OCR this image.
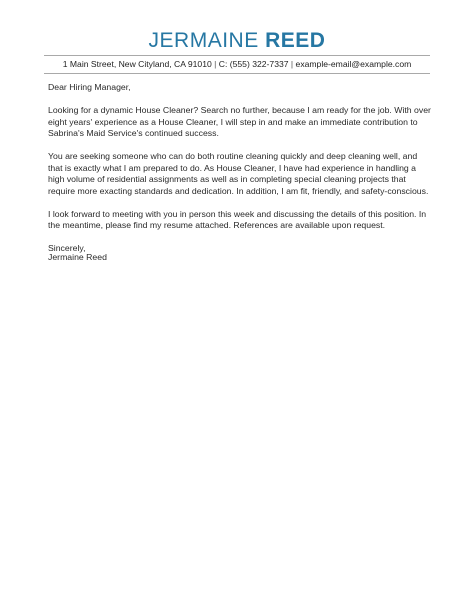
JERMAINE REED
1 Main Street, New Cityland, CA 91010 | C: (555) 322-7337 | example-email@example.com

Dear Hiring Manager,

Looking for a dynamic House Cleaner? Search no further, because I am ready for the job. With over eight years' experience as a House Cleaner, I will step in and make an immediate contribution to Sabrina's Maid Service's continued success.

You are seeking someone who can do both routine cleaning quickly and deep cleaning well, and that is exactly what I am prepared to do. As House Cleaner, I have had experience in handling a high volume of residential assignments as well as in completing special cleaning projects that require more exacting standards and dedication. In addition, I am fit, friendly, and safety-conscious.

I look forward to meeting with you in person this week and discussing the details of this position. In the meantime, please find my resume attached. References are available upon request.

Sincerely,

Jermaine Reed
